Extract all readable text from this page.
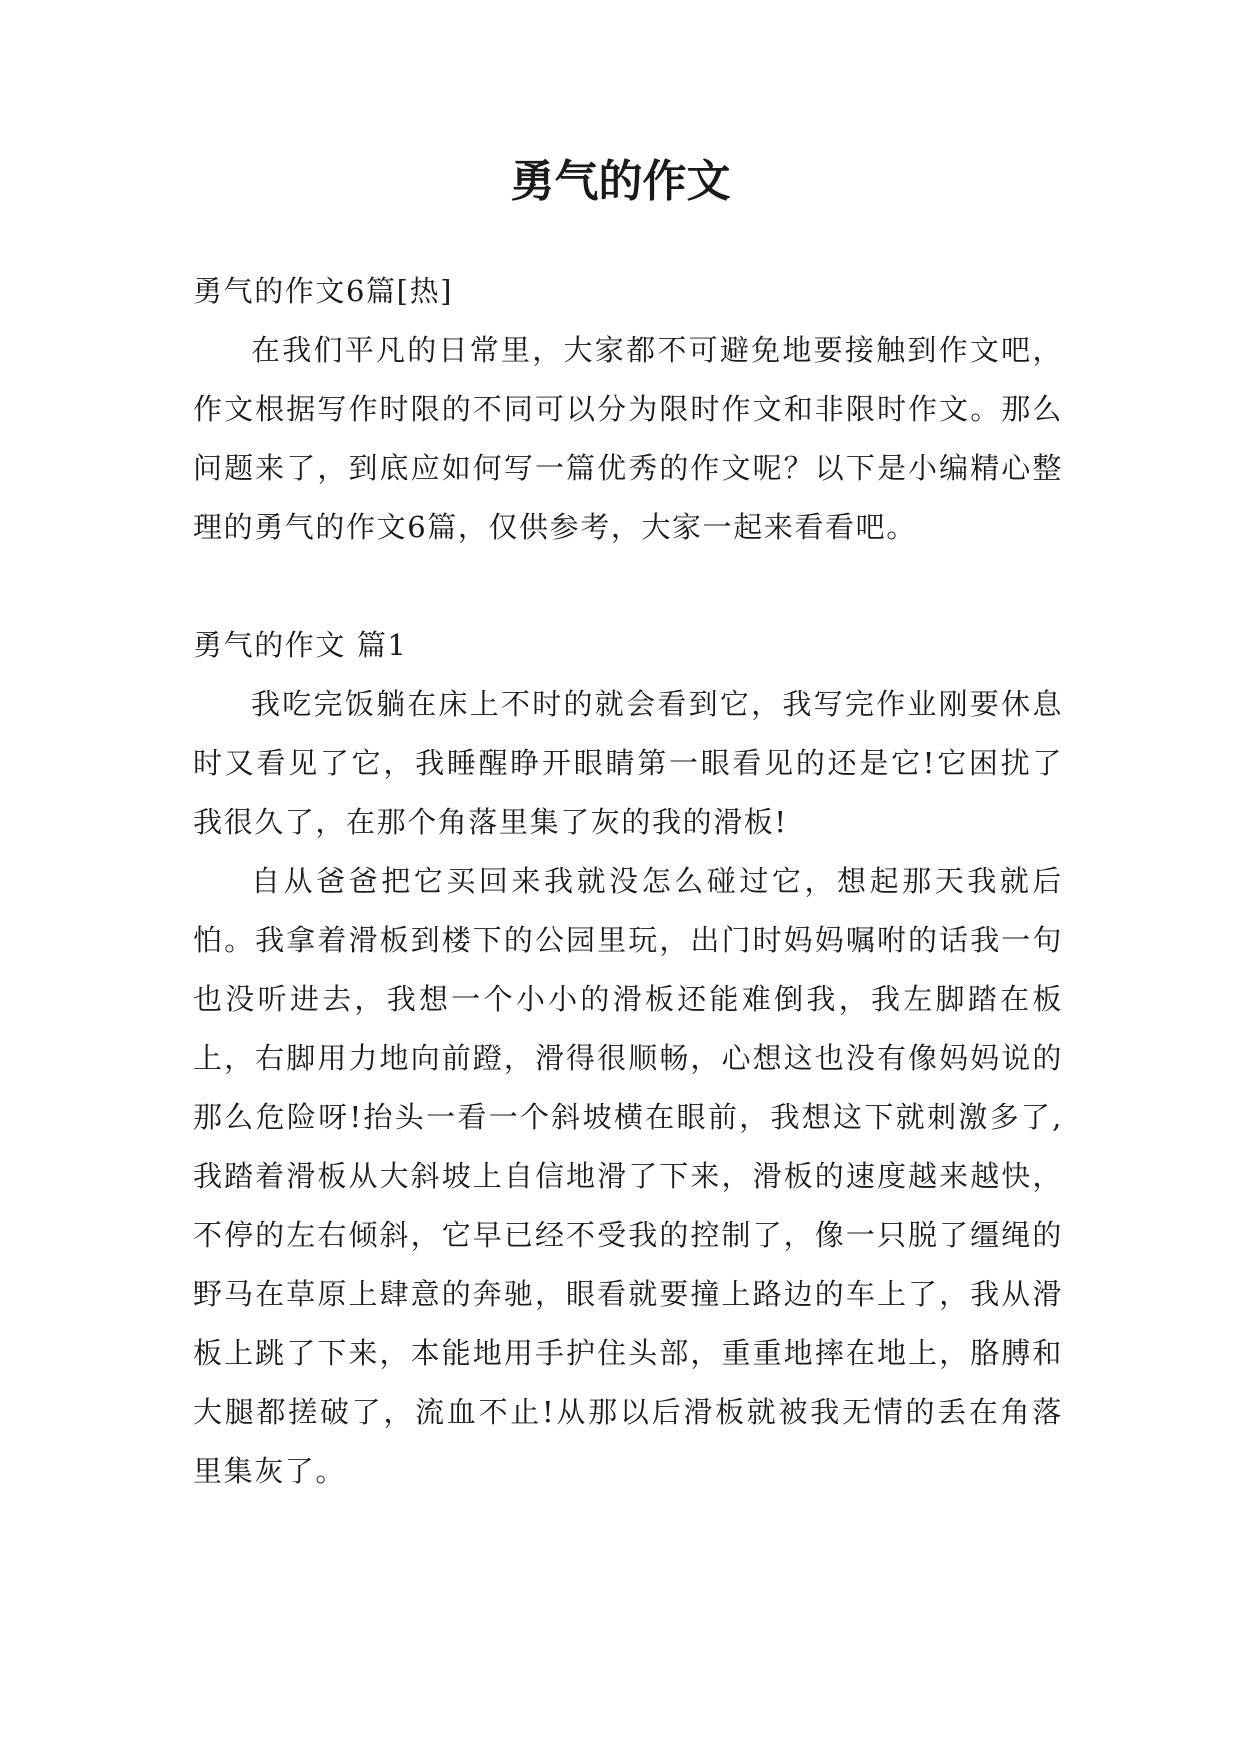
勇气的作文

勇气的作文6篇[热]

在我们平凡的日常里，大家都不可避免地要接触到作文吧，作文根据写作时限的不同可以分为限时作文和非限时作文。那么问题来了，到底应如何写一篇优秀的作文呢？以下是小编精心整理的勇气的作文6篇，仅供参考，大家一起来看看吧。

勇气的作文 篇1

我吃完饭躺在床上不时的就会看到它，我写完作业刚要休息时又看见了它，我睡醒睁开眼睛第一眼看见的还是它!它困扰了我很久了，在那个角落里集了灰的我的滑板!

自从爸爸把它买回来我就没怎么碰过它，想起那天我就后怕。我拿着滑板到楼下的公园里玩，出门时妈妈嘱咐的话我一句也没听进去，我想一个小小的滑板还能难倒我，我左脚踏在板上，右脚用力地向前蹬，滑得很顺畅，心想这也没有像妈妈说的那么危险呀!抬头一看一个斜坡横在眼前，我想这下就刺激多了,我踏着滑板从大斜坡上自信地滑了下来，滑板的速度越来越快，不停的左右倾斜，它早已经不受我的控制了，像一只脱了缰绳的野马在草原上肆意的奔驰，眼看就要撞上路边的车上了，我从滑板上跳了下来，本能地用手护住头部，重重地摔在地上，胳膊和大腿都搓破了，流血不止!从那以后滑板就被我无情的丢在角落里集灰了。
